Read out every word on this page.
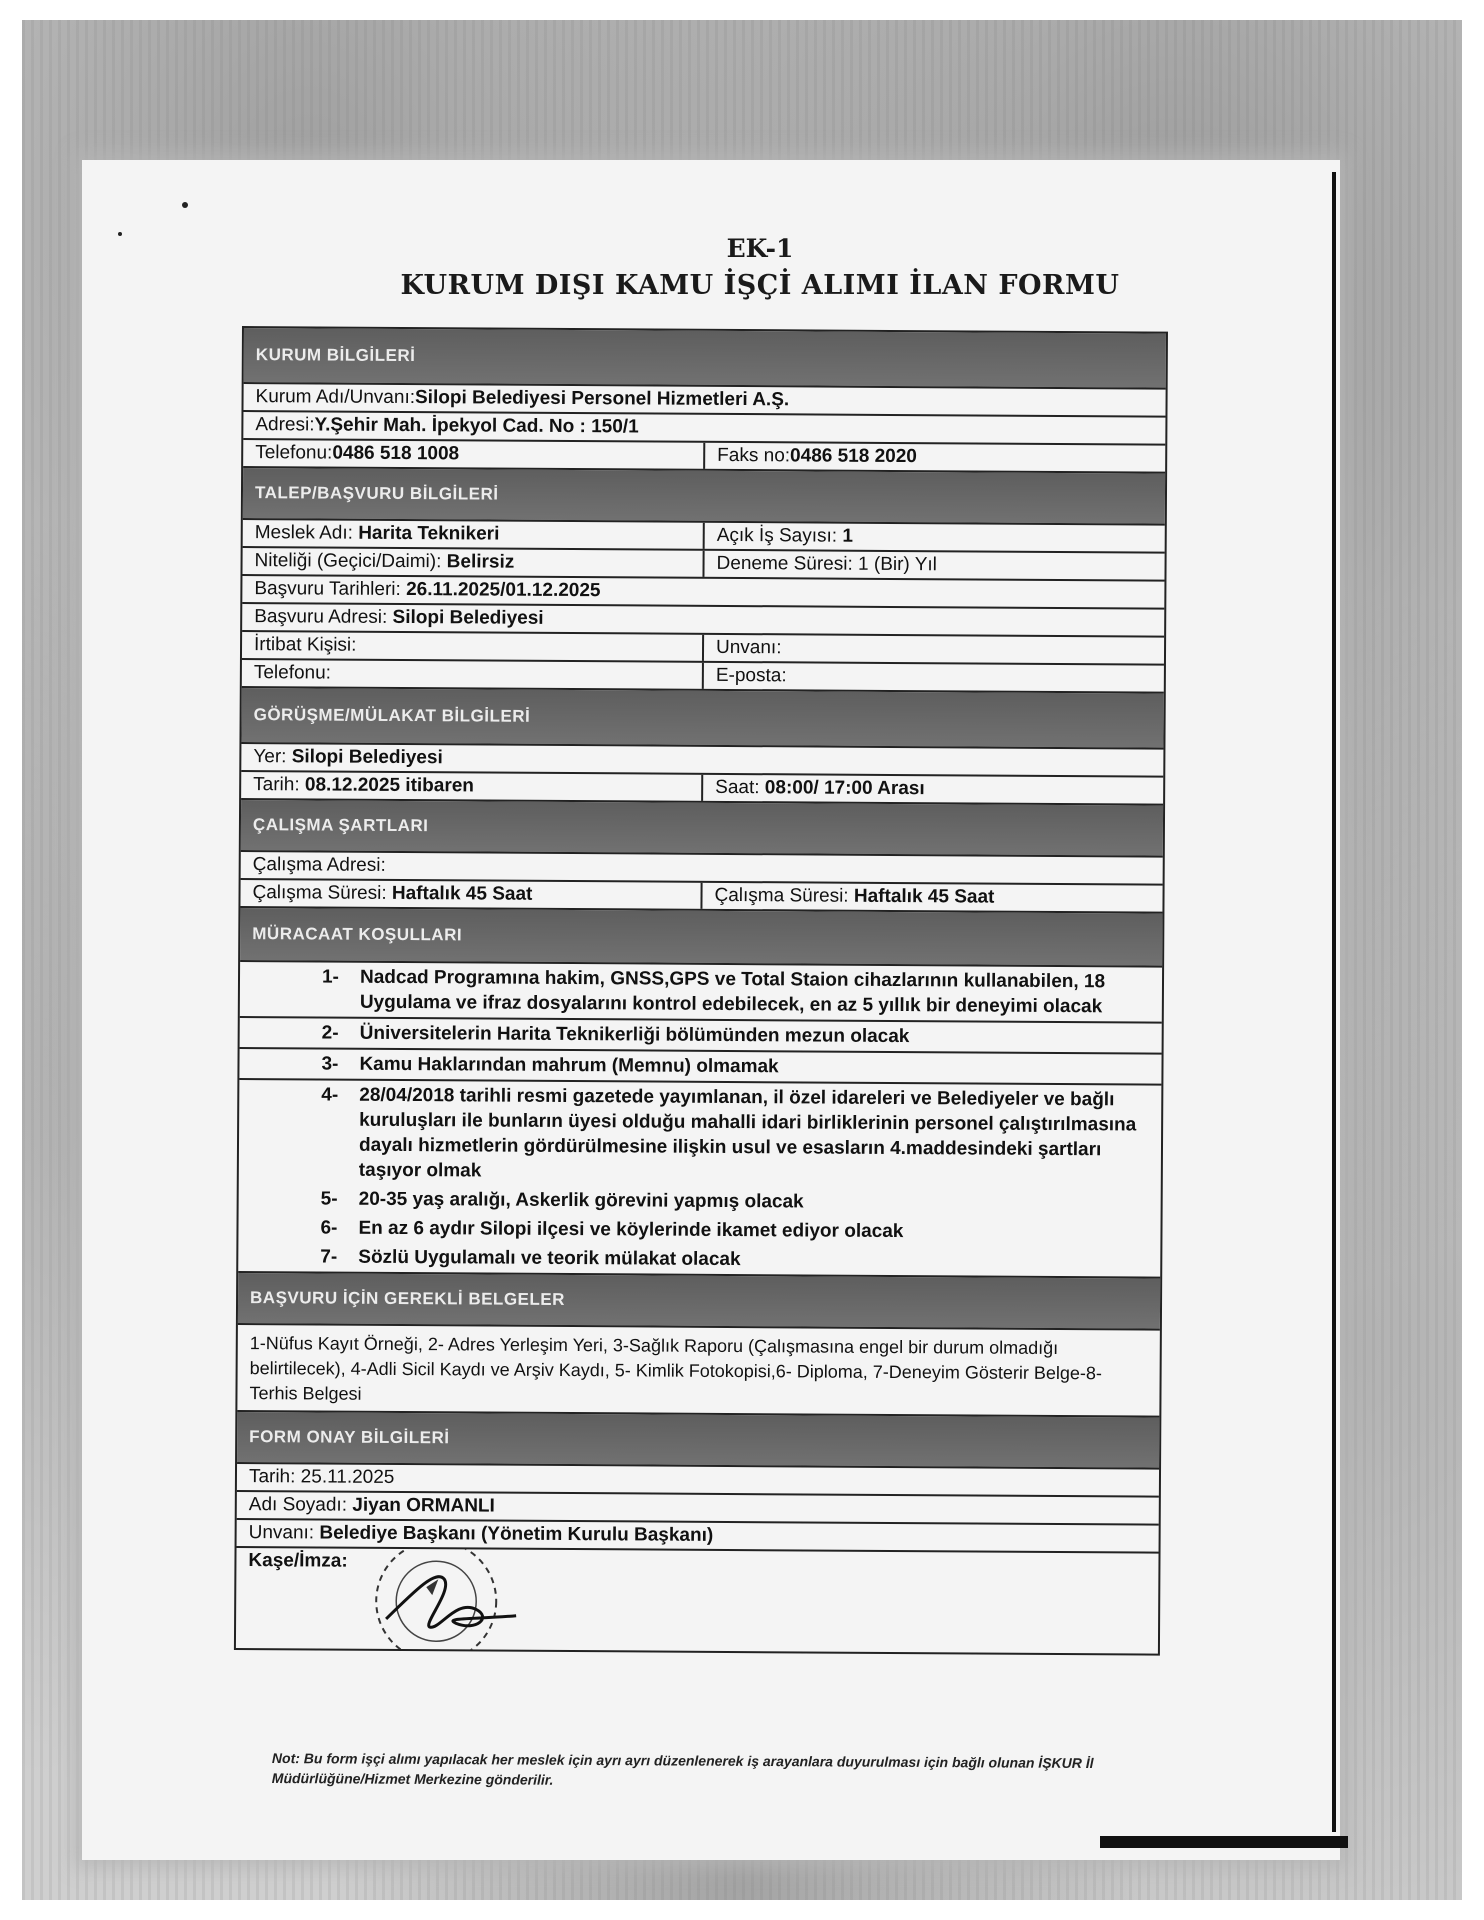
EK-1
KURUM DIŞI KAMU İŞÇİ ALIMI İLAN FORMU
KURUM BİLGİLERİ
Kurum Adı/Unvanı:Silopi Belediyesi Personel Hizmetleri A.Ş.
Adresi:Y.Şehir Mah. İpekyol Cad. No : 150/1
Telefonu:0486 518 1008	Faks no:0486 518 2020
TALEP/BAŞVURU BİLGİLERİ
Meslek Adı: Harita Teknikeri	Açık İş Sayısı: 1
Niteliği (Geçici/Daimi): Belirsiz	Deneme Süresi: 1 (Bir) Yıl
Başvuru Tarihleri: 26.11.2025/01.12.2025
Başvuru Adresi: Silopi Belediyesi
İrtibat Kişisi:	Unvanı:
Telefonu:	E-posta:
GÖRÜŞME/MÜLAKAT BİLGİLERİ
Yer: Silopi Belediyesi
Tarih: 08.12.2025 itibaren	Saat: 08:00/ 17:00 Arası
ÇALIŞMA ŞARTLARI
Çalışma Adresi:
Çalışma Süresi: Haftalık 45 Saat	Çalışma Süresi: Haftalık 45 Saat
MÜRACAAT KOŞULLARI
1-	Nadcad Programına hakim, GNSS,GPS ve Total Staion cihazlarının kullanabilen, 18 Uygulama ve ifraz dosyalarını kontrol edebilecek, en az 5 yıllık bir deneyimi olacak
2-	Üniversitelerin Harita Teknikerliği bölümünden mezun olacak
3-	Kamu Haklarından mahrum (Memnu) olmamak
4-	28/04/2018 tarihli resmi gazetede yayımlanan, il özel idareleri ve Belediyeler ve bağlı kuruluşları ile bunların üyesi olduğu mahalli idari birliklerinin personel çalıştırılmasına dayalı hizmetlerin gördürülmesine ilişkin usul ve esasların 4.maddesindeki şartları taşıyor olmak
5-	20-35 yaş aralığı, Askerlik görevini yapmış olacak
6-	En az 6 aydır Silopi ilçesi ve köylerinde ikamet ediyor olacak
7-	Sözlü Uygulamalı ve teorik mülakat olacak
BAŞVURU İÇİN GEREKLİ BELGELER
1-Nüfus Kayıt Örneği, 2- Adres Yerleşim Yeri, 3-Sağlık Raporu (Çalışmasına engel bir durum olmadığı belirtilecek), 4-Adli Sicil Kaydı ve Arşiv Kaydı, 5- Kimlik Fotokopisi,6- Diploma, 7-Deneyim Gösterir Belge-8- Terhis Belgesi
FORM ONAY BİLGİLERİ
Tarih: 25.11.2025
Adı Soyadı: Jiyan ORMANLI
Unvanı: Belediye Başkanı (Yönetim Kurulu Başkanı)
Kaşe/İmza:
Not: Bu form işçi alımı yapılacak her meslek için ayrı ayrı düzenlenerek iş arayanlara duyurulması için bağlı olunan İŞKUR İl Müdürlüğüne/Hizmet Merkezine gönderilir.
